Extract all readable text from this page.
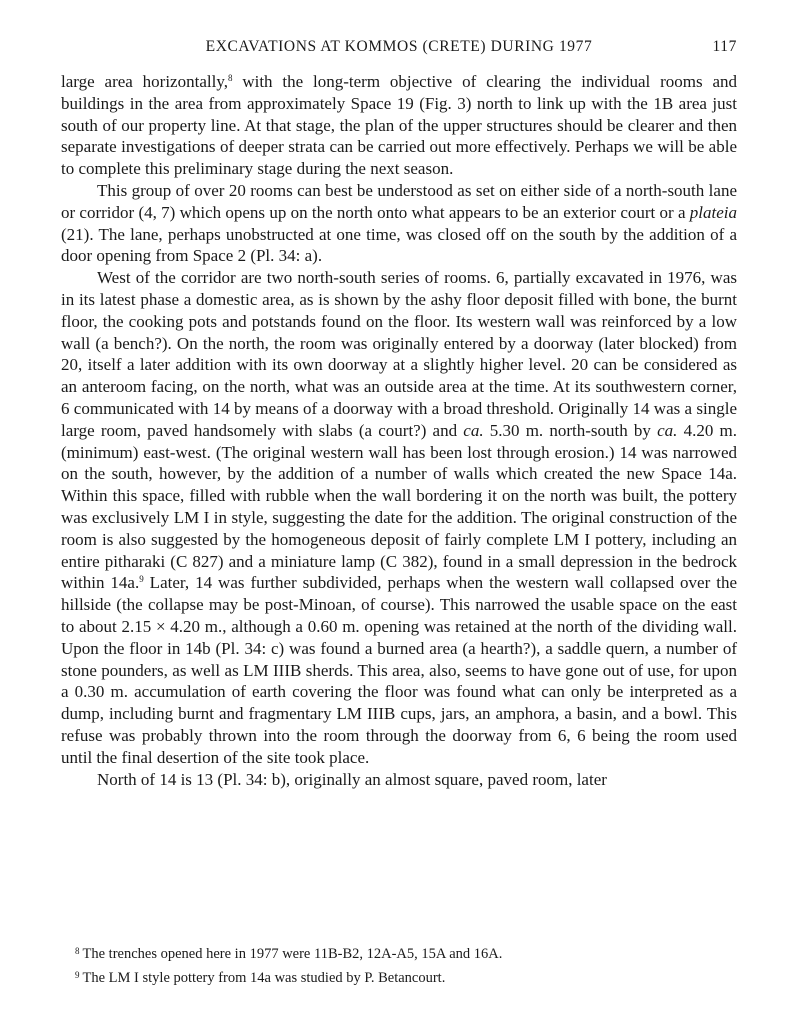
EXCAVATIONS AT KOMMOS (CRETE) DURING 1977	117

large area horizontally,$^8$ with the long-term objective of clearing the individual rooms and buildings in the area from approximately Space 19 (Fig. 3) north to link up with the 1B area just south of our property line. At that stage, the plan of the upper structures should be clearer and then separate investigations of deeper strata can be carried out more effectively. Perhaps we will be able to complete this preliminary stage during the next season.

This group of over 20 rooms can best be understood as set on either side of a north-south lane or corridor (4, 7) which opens up on the north onto what appears to be an exterior court or a plateia (21). The lane, perhaps unobstructed at one time, was closed off on the south by the addition of a door opening from Space 2 (Pl. 34: a).

West of the corridor are two north-south series of rooms. 6, partially excavated in 1976, was in its latest phase a domestic area, as is shown by the ashy floor deposit filled with bone, the burnt floor, the cooking pots and potstands found on the floor. Its western wall was reinforced by a low wall (a bench?). On the north, the room was originally entered by a doorway (later blocked) from 20, itself a later addition with its own doorway at a slightly higher level. 20 can be considered as an anteroom facing, on the north, what was an outside area at the time. At its southwestern corner, 6 communicated with 14 by means of a doorway with a broad threshold. Originally 14 was a single large room, paved handsomely with slabs (a court?) and ca. 5.30 m. north-south by ca. 4.20 m. (minimum) east-west. (The original western wall has been lost through erosion.) 14 was narrowed on the south, however, by the addition of a number of walls which created the new Space 14a. Within this space, filled with rubble when the wall bordering it on the north was built, the pottery was exclusively LM I in style, suggesting the date for the addition. The original construction of the room is also suggested by the homogeneous deposit of fairly complete LM I pottery, including an entire pitharaki (C 827) and a miniature lamp (C 382), found in a small depression in the bedrock within 14a.$^9$ Later, 14 was further subdivided, perhaps when the western wall collapsed over the hillside (the collapse may be post-Minoan, of course). This narrowed the usable space on the east to about 2.15 × 4.20 m., although a 0.60 m. opening was retained at the north of the dividing wall. Upon the floor in 14b (Pl. 34: c) was found a burned area (a hearth?), a saddle quern, a number of stone pounders, as well as LM IIIB sherds. This area, also, seems to have gone out of use, for upon a 0.30 m. accumulation of earth covering the floor was found what can only be interpreted as a dump, including burnt and fragmentary LM IIIB cups, jars, an amphora, a basin, and a bowl. This refuse was probably thrown into the room through the doorway from 6, 6 being the room used until the final desertion of the site took place.

North of 14 is 13 (Pl. 34: b), originally an almost square, paved room, later

$^8$ The trenches opened here in 1977 were 11B-B2, 12A-A5, 15A and 16A.
$^9$ The LM I style pottery from 14a was studied by P. Betancourt.
